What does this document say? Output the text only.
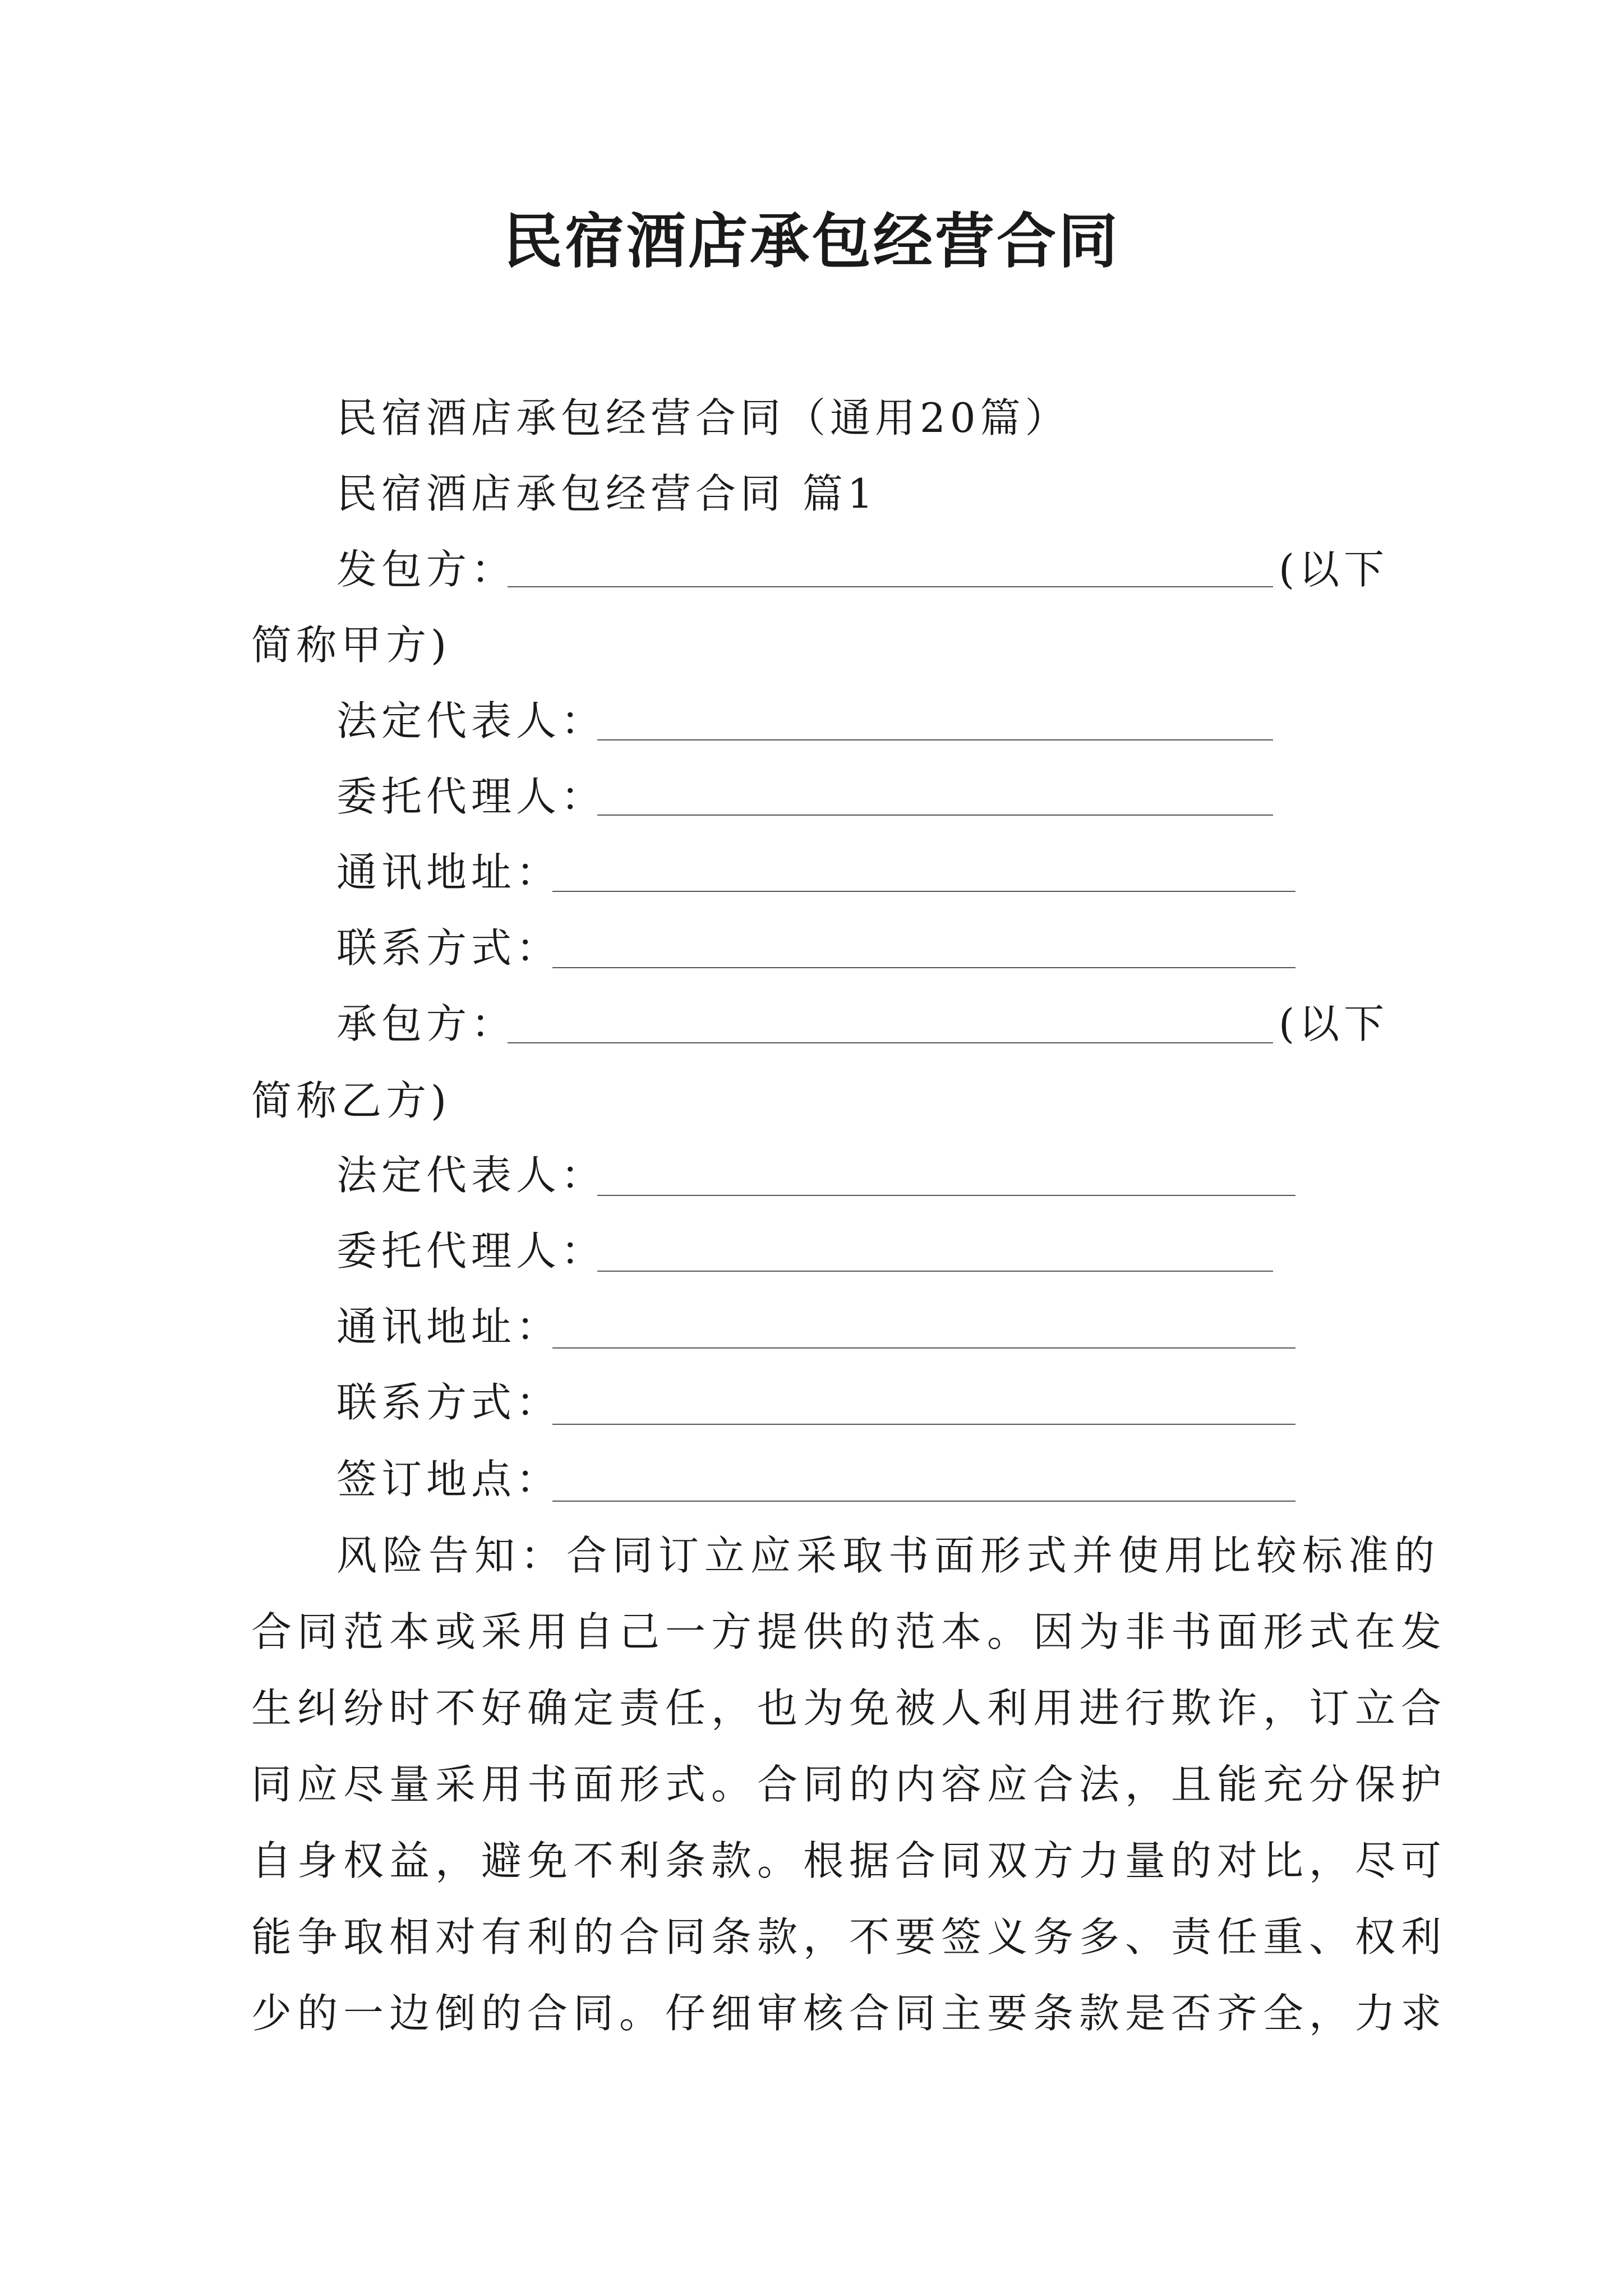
民宿酒店承包经营合同
民宿酒店承包经营合同（通用20篇）
民宿酒店承包经营合同 篇1
发包方：	(以下
简称甲方)
法定代表人：
委托代理人：
通讯地址：
联系方式：
承包方：	(以下
简称乙方)
法定代表人：
委托代理人：
通讯地址：
联系方式：
签订地点：
风险告知：合同订立应采取书面形式并使用比较标准的
合同范本或采用自己一方提供的范本。因为非书面形式在发
生纠纷时不好确定责任，也为免被人利用进行欺诈，订立合
同应尽量采用书面形式。合同的内容应合法，且能充分保护
自身权益，避免不利条款。根据合同双方力量的对比，尽可
能争取相对有利的合同条款，不要签义务多、责任重、权利
少的一边倒的合同。仔细审核合同主要条款是否齐全，力求
